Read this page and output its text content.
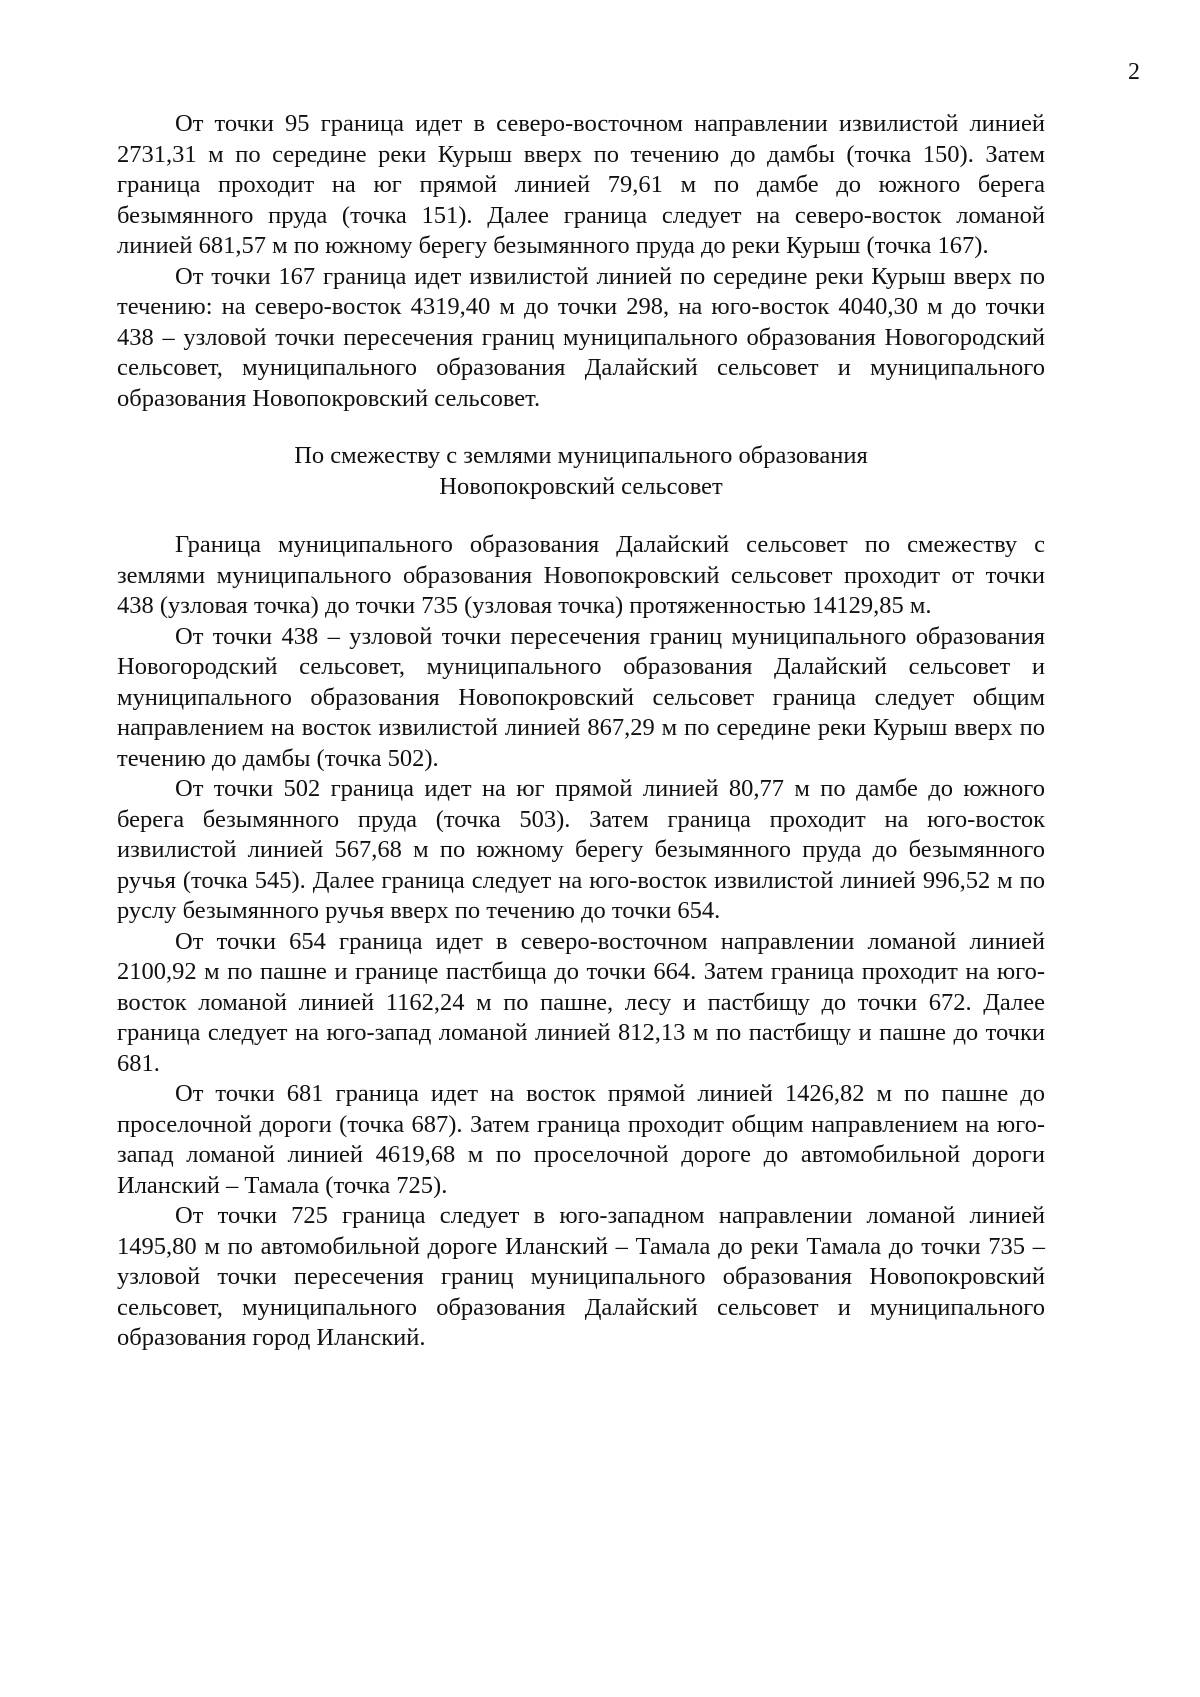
2

От точки 95 граница идет в северо-восточном направлении извилистой линией 2731,31 м по середине реки Курыш вверх по течению до дамбы (точка 150). Затем граница проходит на юг прямой линией 79,61 м по дамбе до южного берега безымянного пруда (точка 151). Далее граница следует на северо-восток ломаной линией 681,57 м по южному берегу безымянного пруда до реки Курыш (точка 167).

От точки 167 граница идет извилистой линией по середине реки Курыш вверх по течению: на северо-восток 4319,40 м до точки 298, на юго-восток 4040,30 м до точки 438 – узловой точки пересечения границ муниципального образования Новогородский сельсовет, муниципального образования Далайский сельсовет и муниципального образования Новопокровский сельсовет.

По смежеству с землями муниципального образования
Новопокровский сельсовет

Граница муниципального образования Далайский сельсовет по смежеству с землями муниципального образования Новопокровский сельсовет проходит от точки 438 (узловая точка) до точки 735 (узловая точка) протяженностью 14129,85 м.

От точки 438 – узловой точки пересечения границ муниципального образования Новогородский сельсовет, муниципального образования Далайский сельсовет и муниципального образования Новопокровский сельсовет граница следует общим направлением на восток извилистой линией 867,29 м по середине реки Курыш вверх по течению до дамбы (точка 502).

От точки 502 граница идет на юг прямой линией 80,77 м по дамбе до южного берега безымянного пруда (точка 503). Затем граница проходит на юго-восток извилистой линией 567,68 м по южному берегу безымянного пруда до безымянного ручья (точка 545). Далее граница следует на юго-восток извилистой линией 996,52 м по руслу безымянного ручья вверх по течению до точки 654.

От точки 654 граница идет в северо-восточном направлении ломаной линией 2100,92 м по пашне и границе пастбища до точки 664. Затем граница проходит на юго-восток ломаной линией 1162,24 м по пашне, лесу и пастбищу до точки 672. Далее граница следует на юго-запад ломаной линией 812,13 м по пастбищу и пашне до точки 681.

От точки 681 граница идет на восток прямой линией 1426,82 м по пашне до проселочной дороги (точка 687). Затем граница проходит общим направлением на юго-запад ломаной линией 4619,68 м по проселочной дороге до автомобильной дороги Иланский – Тамала (точка 725).

От точки 725 граница следует в юго-западном направлении ломаной линией 1495,80 м по автомобильной дороге Иланский – Тамала до реки Тамала до точки 735 – узловой точки пересечения границ муниципального образования Новопокровский сельсовет, муниципального образования Далайский сельсовет и муниципального образования город Иланский.
